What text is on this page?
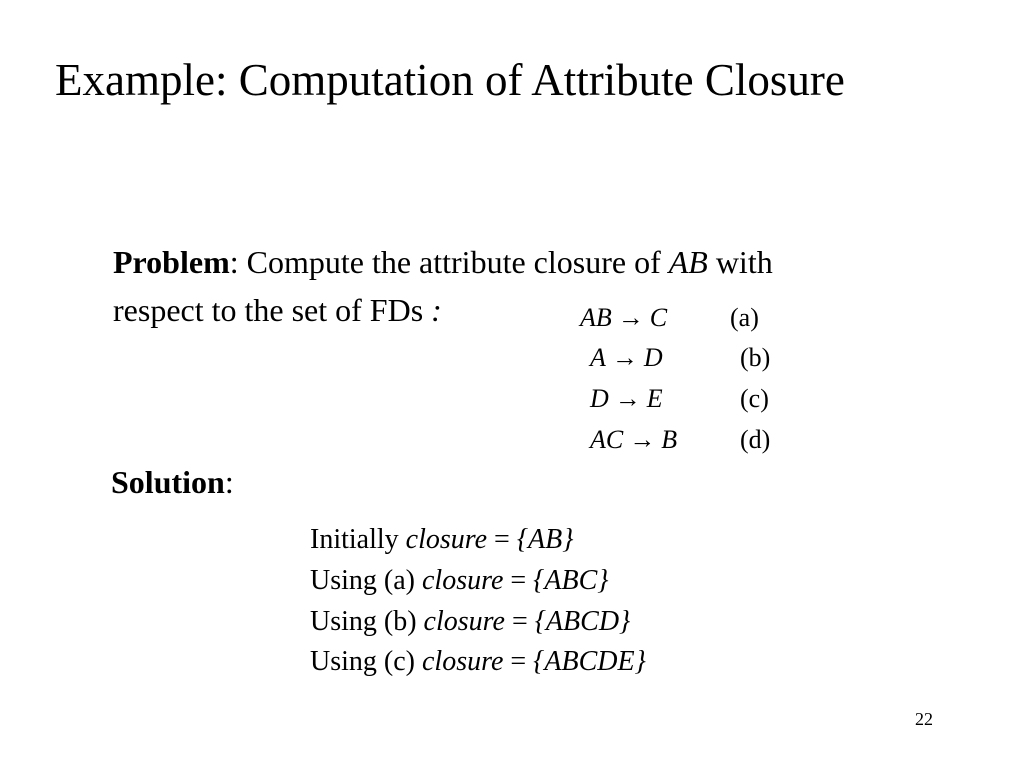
Example: Computation of Attribute Closure
Problem: Compute the attribute closure of AB with
respect to the set of FDs :	AB → C (a)
A → D	(b)
D → E	(c)
AC → B (d)
Solution:
Initially closure = {AB}
Using (a) closure = {ABC}
Using (b) closure = {ABCD}
Using (c) closure = {ABCDE}
22
